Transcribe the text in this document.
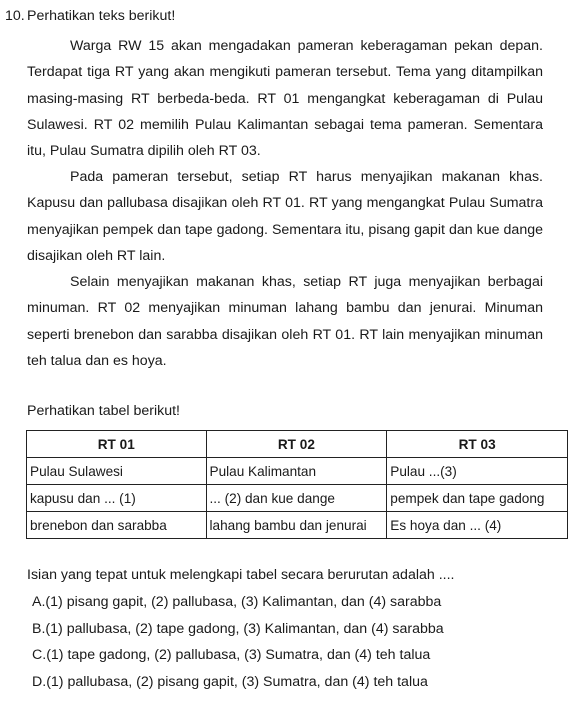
10. Perhatikan teks berikut!

Warga RW 15 akan mengadakan pameran keberagaman pekan depan. Terdapat tiga RT yang akan mengikuti pameran tersebut. Tema yang ditampilkan masing-masing RT berbeda-beda. RT 01 mengangkat keberagaman di Pulau Sulawesi. RT 02 memilih Pulau Kalimantan sebagai tema pameran. Sementara itu, Pulau Sumatra dipilih oleh RT 03.

Pada pameran tersebut, setiap RT harus menyajikan makanan khas. Kapusu dan pallubasa disajikan oleh RT 01. RT yang mengangkat Pulau Sumatra menyajikan pempek dan tape gadong. Sementara itu, pisang gapit dan kue dange disajikan oleh RT lain.

Selain menyajikan makanan khas, setiap RT juga menyajikan berbagai minuman. RT 02 menyajikan minuman lahang bambu dan jenurai. Minuman seperti brenebon dan sarabba disajikan oleh RT 01. RT lain menyajikan minuman teh talua dan es hoya.

Perhatikan tabel berikut!
RT 01	RT 02	RT 03
Pulau Sulawesi	Pulau Kalimantan	Pulau ...(3)
kapusu dan ... (1)	... (2) dan kue dange	pempek dan tape gadong
brenebon dan sarabba	lahang bambu dan jenurai	Es hoya dan ... (4)
Isian yang tepat untuk melengkapi tabel secara berurutan adalah ....
A.(1) pisang gapit, (2) pallubasa, (3) Kalimantan, dan (4) sarabba
B.(1) pallubasa, (2) tape gadong, (3) Kalimantan, dan (4) sarabba
C.(1) tape gadong, (2) pallubasa, (3) Sumatra, dan (4) teh talua
D.(1) pallubasa, (2) pisang gapit, (3) Sumatra, dan (4) teh talua
